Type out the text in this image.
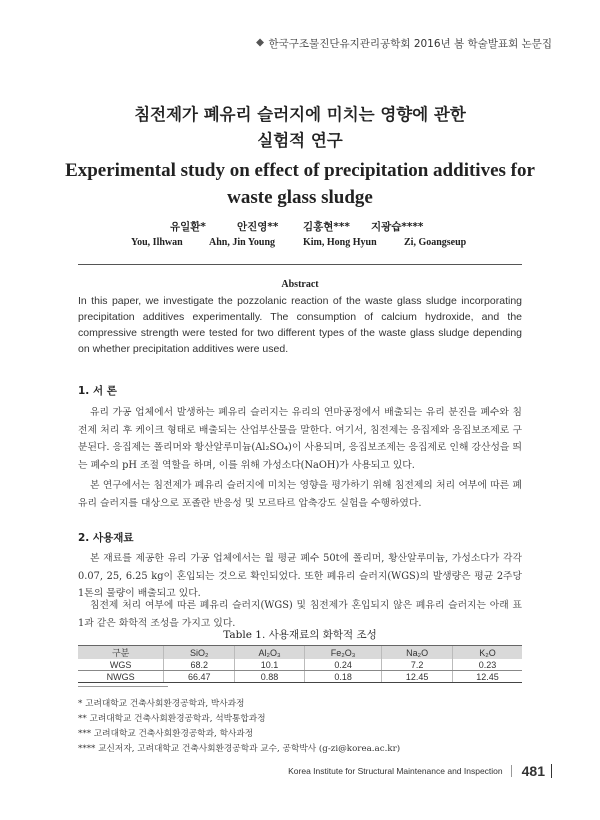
⯁ 한국구조물진단유지관리공학회 2016년 봄 학술발표회 논문집
침전제가 폐유리 슬러지에 미치는 영향에 관한
실험적 연구
Experimental study on effect of precipitation additives for
waste glass sludge
유일환*	안진영** 김홍현*** 지광습****
You, Ilhwan	Ahn, Jin Young	Kim, Hong Hyun	Zi, Goangseup
Abstract
In this paper, we investigate the pozzolanic reaction of the waste glass sludge incorporating precipitation additives experimentally. The consumption of calcium hydroxide, and the compressive strength were tested for two different types of the waste glass sludge depending on whether precipitation additives were used.
1. 서 론
유리 가공 업체에서 발생하는 폐유리 슬러지는 유리의 연마공정에서 배출되는 유리 분진을 폐수와 침전제 처리 후 케이크 형태로 배출되는 산업부산물을 말한다. 여기서, 침전제는 응집제와 응집보조제로 구분된다. 응집제는 폴리머와 황산알루미늄(Al₂SO₄)이 사용되며, 응집보조제는 응집제로 인해 강산성을 띄는 폐수의 pH 조절 역할을 하며, 이를 위해 가성소다(NaOH)가 사용되고 있다.
본 연구에서는 침전제가 폐유리 슬러지에 미치는 영향을 평가하기 위해 침전제의 처리 여부에 따른 폐유리 슬러지를 대상으로 포졸란 반응성 및 모르타르 압축강도 실험을 수행하였다.
2. 사용재료
본 재료를 제공한 유리 가공 업체에서는 월 평균 폐수 50t에 폴리머, 황산알루미늄, 가성소다가 각각 0.07, 25, 6.25 kg이 혼입되는 것으로 확인되었다. 또한 폐유리 슬러지(WGS)의 발생량은 평균 2주당 1톤의 물량이 배출되고 있다.
침전제 처리 여부에 따른 폐유리 슬러지(WGS) 및 침전제가 혼입되지 않은 폐유리 슬러지는 아래 표 1과 같은 화학적 조성을 가지고 있다.
Table 1. 사용재료의 화학적 조성
구분	SiO₂	Al₂O₃	Fe₂O₃	Na₂O	K₂O
WGS	68.2	10.1	0.24	7.2	0.23
NWGS	66.47	0.88	0.18	12.45	12.45
* 고려대학교 건축사회환경공학과, 박사과정
** 고려대학교 건축사회환경공학과, 석박통합과정
*** 고려대학교 건축사회환경공학과, 학사과정
**** 교신저자, 고려대학교 건축사회환경공학과 교수, 공학박사 (g-zi@korea.ac.kr)
Korea Institute for Structural Maintenance and Inspection 481
